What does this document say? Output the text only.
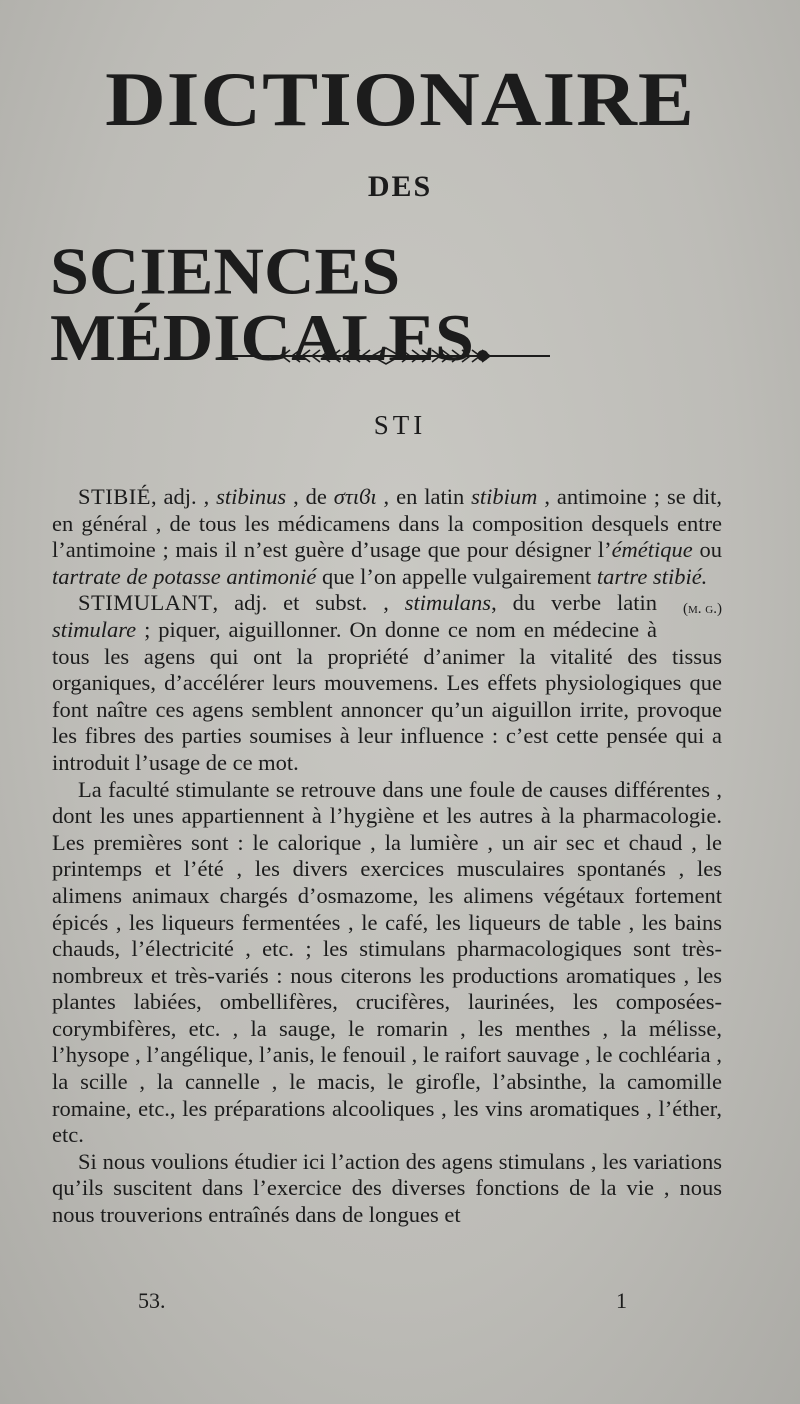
DICTIONAIRE
DES
SCIENCES MÉDICALES.
STI

STIBIÉ, adj. , stibinus , de στιϐι , en latin stibium , antimoine ; se dit, en général , de tous les médicamens dans la composition desquels entre l’antimoine ; mais il n’est guère d’usage que pour désigner l’émétique ou tartrate de potasse antimonié que l’on appelle vulgairement tartre stibié.
(m. g.)

STIMULANT, adj. et subst. , stimulans, du verbe latin stimulare ; piquer, aiguillonner. On donne ce nom en médecine à tous les agens qui ont la propriété d’animer la vitalité des tissus organiques, d’accélérer leurs mouvemens. Les effets physiologiques que font naître ces agens semblent annoncer qu’un aiguillon irrite, provoque les fibres des parties soumises à leur influence : c’est cette pensée qui a introduit l’usage de ce mot.

La faculté stimulante se retrouve dans une foule de causes différentes , dont les unes appartiennent à l’hygiène et les autres à la pharmacologie. Les premières sont : le calorique , la lumière , un air sec et chaud , le printemps et l’été , les divers exercices musculaires spontanés , les alimens animaux chargés d’osmazome, les alimens végétaux fortement épicés , les liqueurs fermentées , le café, les liqueurs de table , les bains chauds, l’électricité , etc. ; les stimulans pharmacologiques sont très-nombreux et très-variés : nous citerons les productions aromatiques , les plantes labiées, ombellifères, crucifères, laurinées, les composées-corymbifères, etc. , la sauge, le romarin , les menthes , la mélisse, l’hysope , l’angélique, l’anis, le fenouil , le raifort sauvage , le cochléaria , la scille , la cannelle , le macis, le girofle, l’absinthe, la camomille romaine, etc., les préparations alcooliques , les vins aromatiques , l’éther, etc.

Si nous voulions étudier ici l’action des agens stimulans , les variations qu’ils suscitent dans l’exercice des diverses fonctions de la vie , nous nous trouverions entraînés dans de longues et

53.	1
